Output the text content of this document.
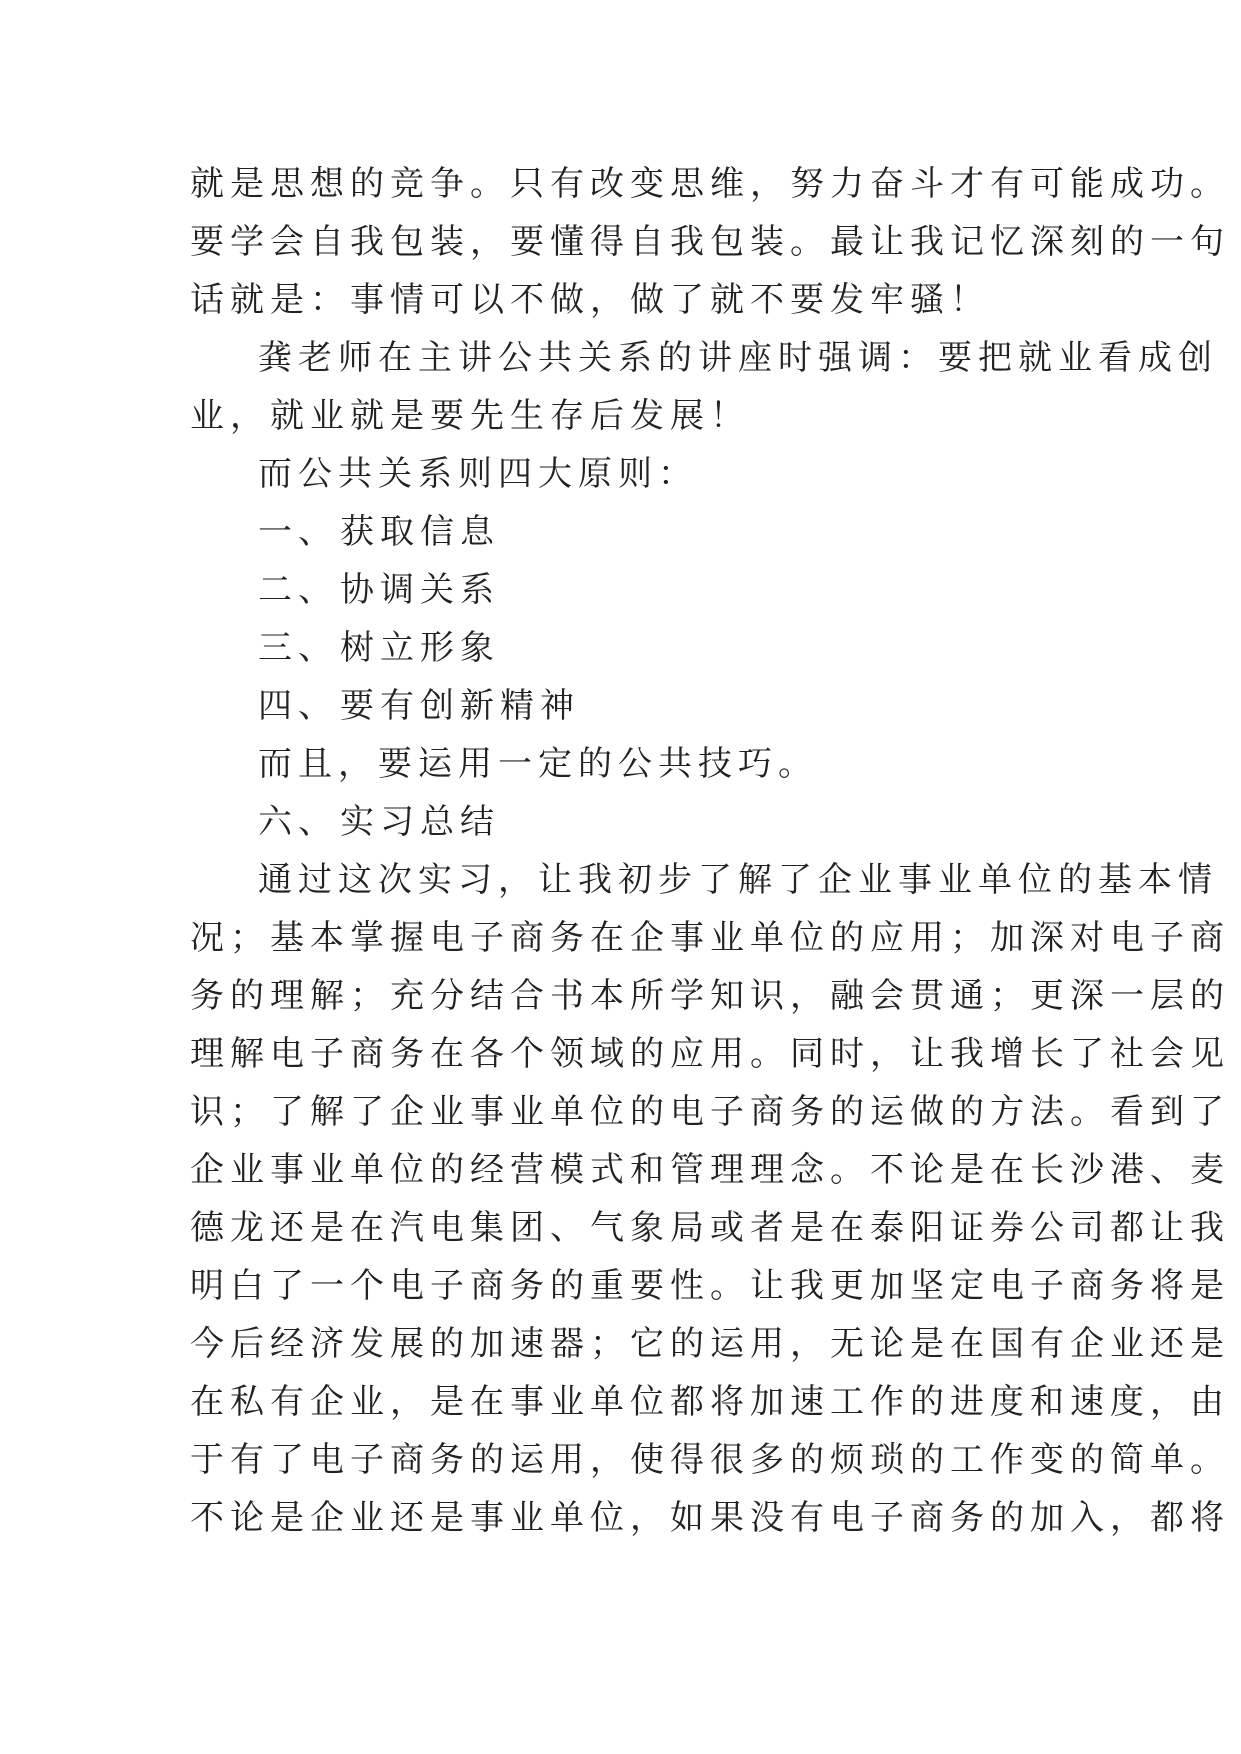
就是思想的竞争。只有改变思维，努力奋斗才有可能成功。
要学会自我包装，要懂得自我包装。最让我记忆深刻的一句
话就是：事情可以不做，做了就不要发牢骚！
龚老师在主讲公共关系的讲座时强调：要把就业看成创
业，就业就是要先生存后发展！
而公共关系则四大原则：
一、获取信息
二、协调关系
三、树立形象
四、要有创新精神
而且，要运用一定的公共技巧。
六、实习总结
通过这次实习，让我初步了解了企业事业单位的基本情
况；基本掌握电子商务在企事业单位的应用；加深对电子商
务的理解；充分结合书本所学知识，融会贯通；更深一层的
理解电子商务在各个领域的应用。同时，让我增长了社会见
识；了解了企业事业单位的电子商务的运做的方法。看到了
企业事业单位的经营模式和管理理念。不论是在长沙港、麦
德龙还是在汽电集团、气象局或者是在泰阳证券公司都让我
明白了一个电子商务的重要性。让我更加坚定电子商务将是
今后经济发展的加速器；它的运用，无论是在国有企业还是
在私有企业，是在事业单位都将加速工作的进度和速度，由
于有了电子商务的运用，使得很多的烦琐的工作变的简单。
不论是企业还是事业单位，如果没有电子商务的加入，都将
